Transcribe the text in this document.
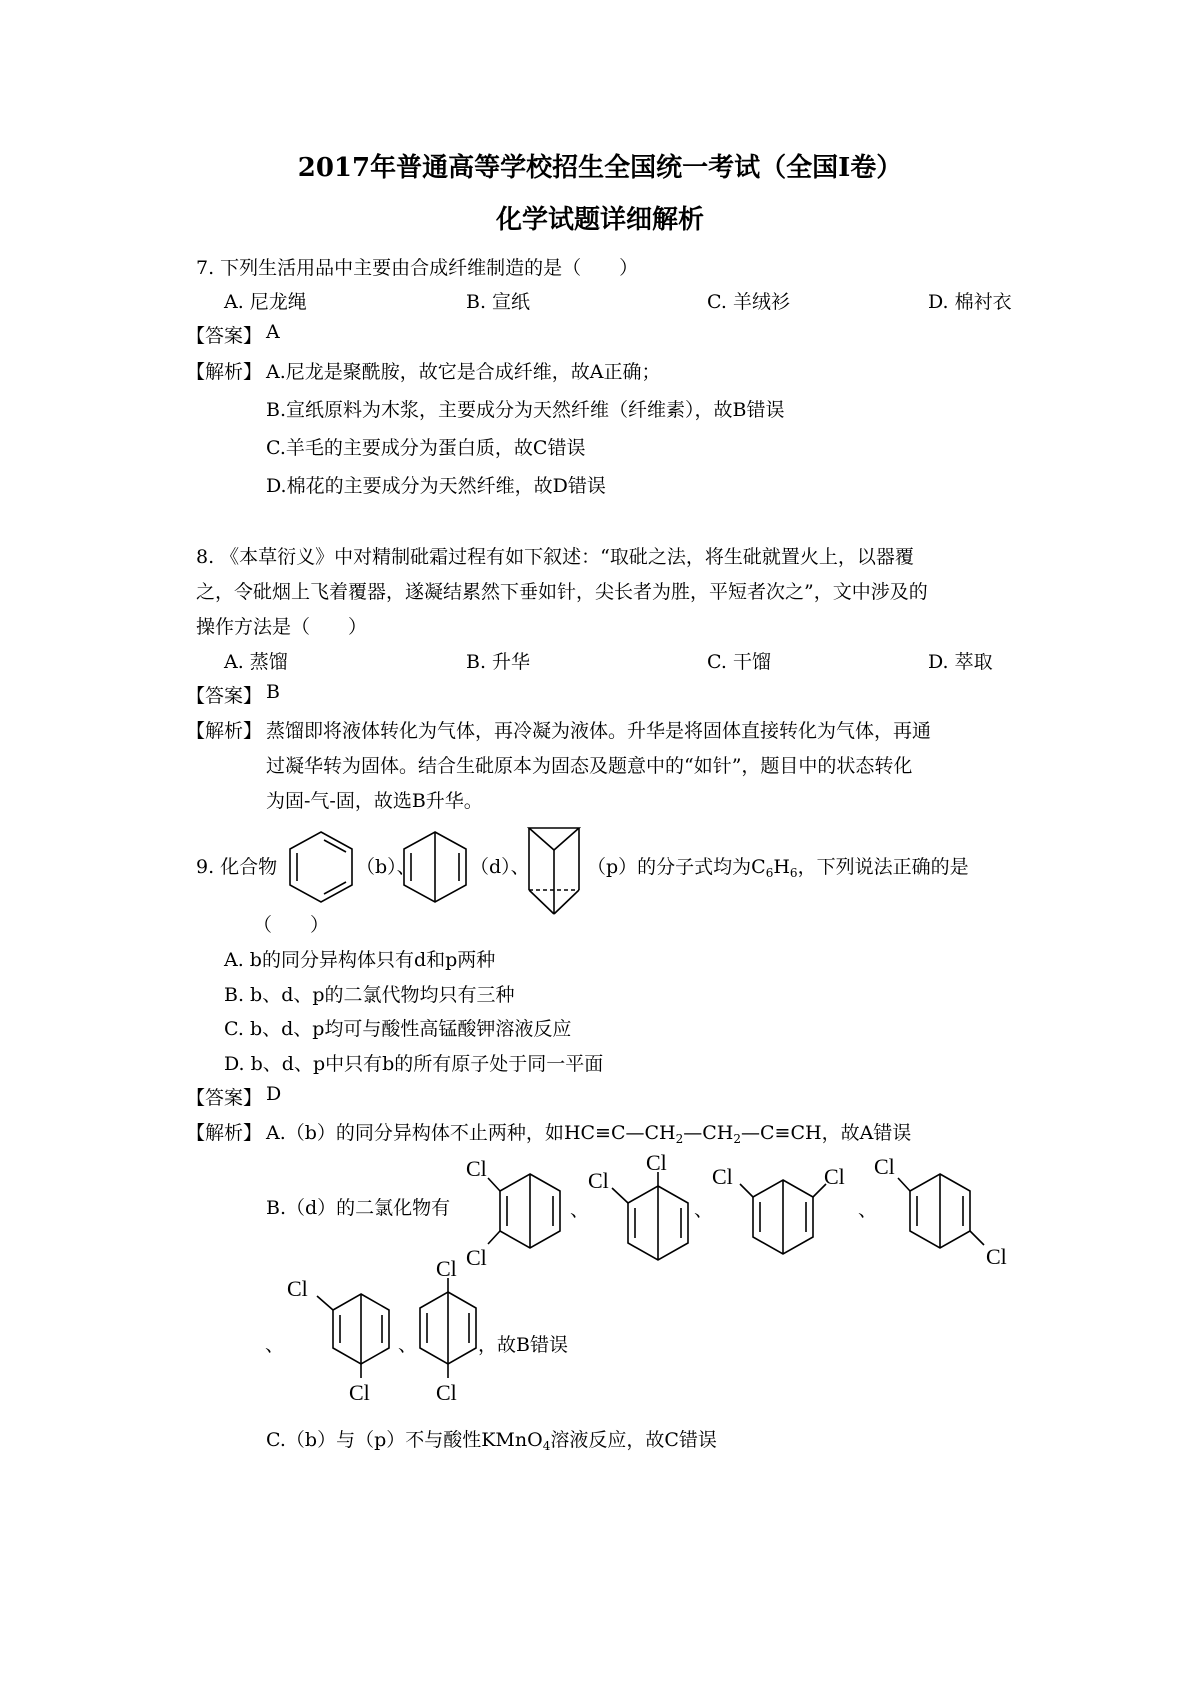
2017年普通高等学校招生全国统一考试（全国I卷）
化学试题详细解析
7. 下列生活用品中主要由合成纤维制造的是（　　）
A. 尼龙绳	B. 宣纸	C. 羊绒衫	D. 棉衬衣
【答案】 A
【解析】 A.尼龙是聚酰胺，故它是合成纤维，故A正确；
B.宣纸原料为木浆，主要成分为天然纤维（纤维素），故B错误
C.羊毛的主要成分为蛋白质，故C错误
D.棉花的主要成分为天然纤维，故D错误
8. 《本草衍义》中对精制砒霜过程有如下叙述：“取砒之法，将生砒就置火上，以器覆
之，令砒烟上飞着覆器，遂凝结累然下垂如针，尖长者为胜，平短者次之”，文中涉及的
操作方法是（　　）
A. 蒸馏	B. 升华	C. 干馏	D. 萃取
【答案】 B
【解析】 蒸馏即将液体转化为气体，再冷凝为液体。升华是将固体直接转化为气体，再通
过凝华转为固体。结合生砒原本为固态及题意中的“如针”，题目中的状态转化
为固-气-固，故选B升华。
9. 化合物	（b）、	（d）、	（p）的分子式均为$C_6H_6$，下列说法正确的是
（　　）
A. b的同分异构体只有d和p两种
B. b、d、p的二氯代物均只有三种
C. b、d、p均可与酸性高锰酸钾溶液反应
D. b、d、p中只有b的所有原子处于同一平面
【答案】 D
【解析】 A.（b）的同分异构体不止两种，如$HC\equiv C—CH_2—CH_2—C\equiv CH$，故A错误
B.（d）的二氯化物有
Cl
Cl
、
Cl
Cl
、
Cl	Cl
、
Cl
Cl
、
Cl
Cl
、
Cl
Cl
，故B错误
C.（b）与（p）不与酸性KMnO$_4$溶液反应，故C错误
